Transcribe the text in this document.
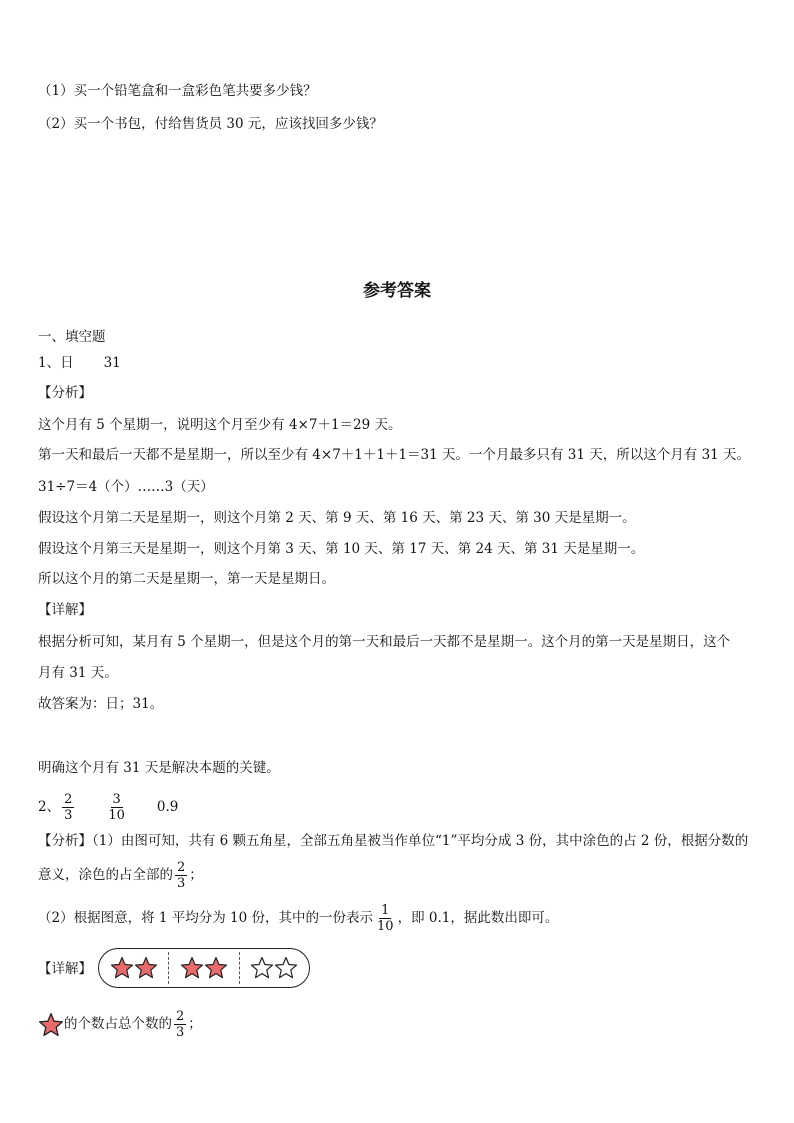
（1）买一个铅笔盒和一盒彩色笔共要多少钱？
（2）买一个书包，付给售货员 30 元，应该找回多少钱？
参考答案
一、填空题
1、日 31
【分析】
这个月有 5 个星期一，说明这个月至少有 4×7＋1＝29 天。
第一天和最后一天都不是星期一，所以至少有 4×7＋1＋1＋1＝31 天。一个月最多只有 31 天，所以这个月有 31 天。
31÷7＝4（个）……3（天）
假设这个月第二天是星期一，则这个月第 2 天、第 9 天、第 16 天、第 23 天、第 30 天是星期一。
假设这个月第三天是星期一，则这个月第 3 天、第 10 天、第 17 天、第 24 天、第 31 天是星期一。
所以这个月的第二天是星期一，第一天是星期日。
【详解】
根据分析可知，某月有 5 个星期一，但是这个月的第一天和最后一天都不是星期一。这个月的第一天是星期日，这个
月有 31 天。
故答案为：日；31。
明确这个月有 31 天是解决本题的关键。
2、 $\frac{2}{3} \frac{3}{10} 0.9$
【分析】（1）由图可知，共有 6 颗五角星，全部五角星被当作单位“1”平均分成 3 份，其中涂色的占 2 份，根据分数的
意义，涂色的占全部的 $\frac{2}{3}$ ；
（2）根据图意，将 1 平均分为 10 份，其中的一份表示 $\frac{1}{10}$ ，即 0.1，据此数出即可。
【详解】
的个数占总个数的 $\frac{2}{3}$ ；
